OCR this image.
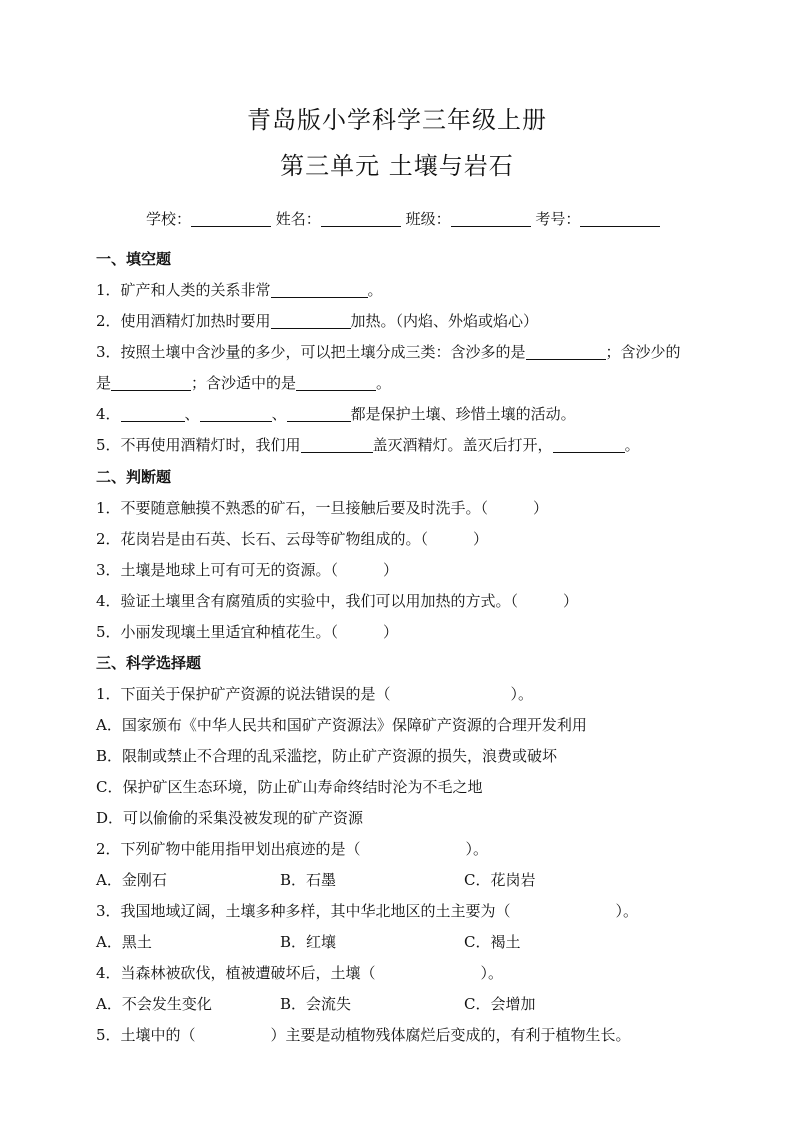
青岛版小学科学三年级上册
第三单元 土壤与岩石
学校：	姓名：	班级：	考号：
一、填空题
1．矿产和人类的关系非常	。
2．使用酒精灯加热时要用	加热。（内焰、外焰或焰心）
3．按照土壤中含沙量的多少，可以把土壤分成三类：含沙多的是	；含沙少的
是	；含沙适中的是	。
4．	、	、	都是保护土壤、珍惜土壤的活动。
5．不再使用酒精灯时，我们用	盖灭酒精灯。盖灭后打开，	。
二、判断题
1．不要随意触摸不熟悉的矿石，一旦接触后要及时洗手。（　　　）
2．花岗岩是由石英、长石、云母等矿物组成的。（　　　）
3．土壤是地球上可有可无的资源。（　　　）
4．验证土壤里含有腐殖质的实验中，我们可以用加热的方式。（　　　）
5．小丽发现壤土里适宜种植花生。（　　　）
三、科学选择题
1．下面关于保护矿产资源的说法错误的是（　　　　　　　　）。
A．国家颁布《中华人民共和国矿产资源法》保障矿产资源的合理开发利用
B．限制或禁止不合理的乱采滥挖，防止矿产资源的损失，浪费或破坏
C．保护矿区生态环境，防止矿山寿命终结时沦为不毛之地
D．可以偷偷的采集没被发现的矿产资源
2．下列矿物中能用指甲划出痕迹的是（　　　　　　　）。
A．金刚石	B．石墨	C．花岗岩
3．我国地域辽阔，土壤多种多样，其中华北地区的土主要为（　　　　　　　）。
A．黑土	B．红壤	C．褐土
4．当森林被砍伐，植被遭破坏后，土壤（　　　　　　　）。
A．不会发生变化	B．会流失	C．会增加
5．土壤中的（　　　　　）主要是动植物残体腐烂后变成的，有利于植物生长。
